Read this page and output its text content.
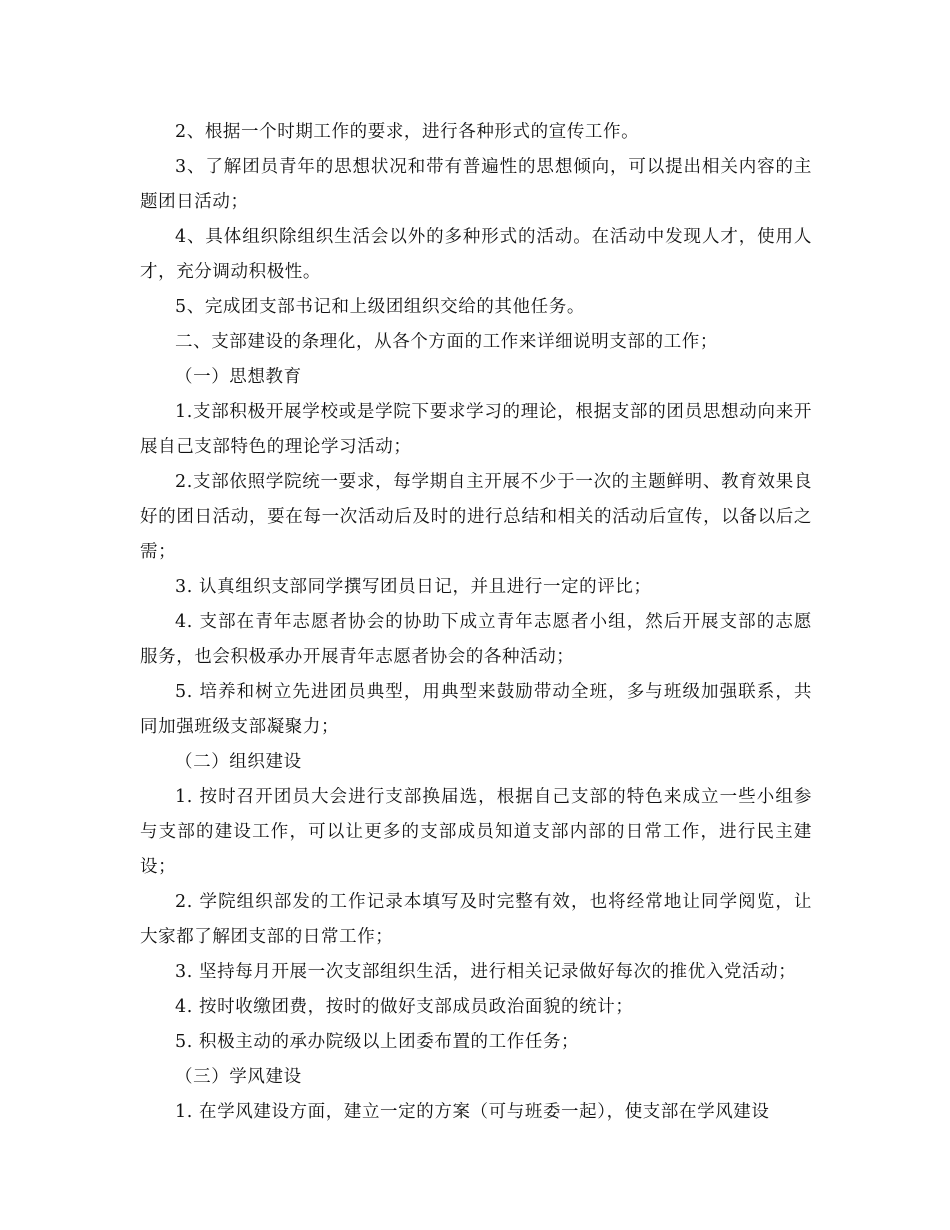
2、根据一个时期工作的要求，进行各种形式的宣传工作。

3、了解团员青年的思想状况和带有普遍性的思想倾向，可以提出相关内容的主题团日活动；

4、具体组织除组织生活会以外的多种形式的活动。在活动中发现人才，使用人才，充分调动积极性。

5、完成团支部书记和上级团组织交给的其他任务。

二、支部建设的条理化，从各个方面的工作来详细说明支部的工作；

（一）思想教育

1.支部积极开展学校或是学院下要求学习的理论，根据支部的团员思想动向来开展自己支部特色的理论学习活动；

2.支部依照学院统一要求，每学期自主开展不少于一次的主题鲜明、教育效果良好的团日活动，要在每一次活动后及时的进行总结和相关的活动后宣传，以备以后之需；

3. 认真组织支部同学撰写团员日记，并且进行一定的评比；

4. 支部在青年志愿者协会的协助下成立青年志愿者小组，然后开展支部的志愿服务，也会积极承办开展青年志愿者协会的各种活动；

5. 培养和树立先进团员典型，用典型来鼓励带动全班，多与班级加强联系，共 同加强班级支部凝聚力；

（二）组织建设

1. 按时召开团员大会进行支部换届选，根据自己支部的特色来成立一些小组参与支部的建设工作，可以让更多的支部成员知道支部内部的日常工作，进行民主建设；

2. 学院组织部发的工作记录本填写及时完整有效，也将经常地让同学阅览，让大家都了解团支部的日常工作；

3. 坚持每月开展一次支部组织生活，进行相关记录做好每次的推优入党活动；

4. 按时收缴团费，按时的做好支部成员政治面貌的统计；

5. 积极主动的承办院级以上团委布置的工作任务；

（三）学风建设

1. 在学风建设方面，建立一定的方案（可与班委一起），使支部在学风建设
